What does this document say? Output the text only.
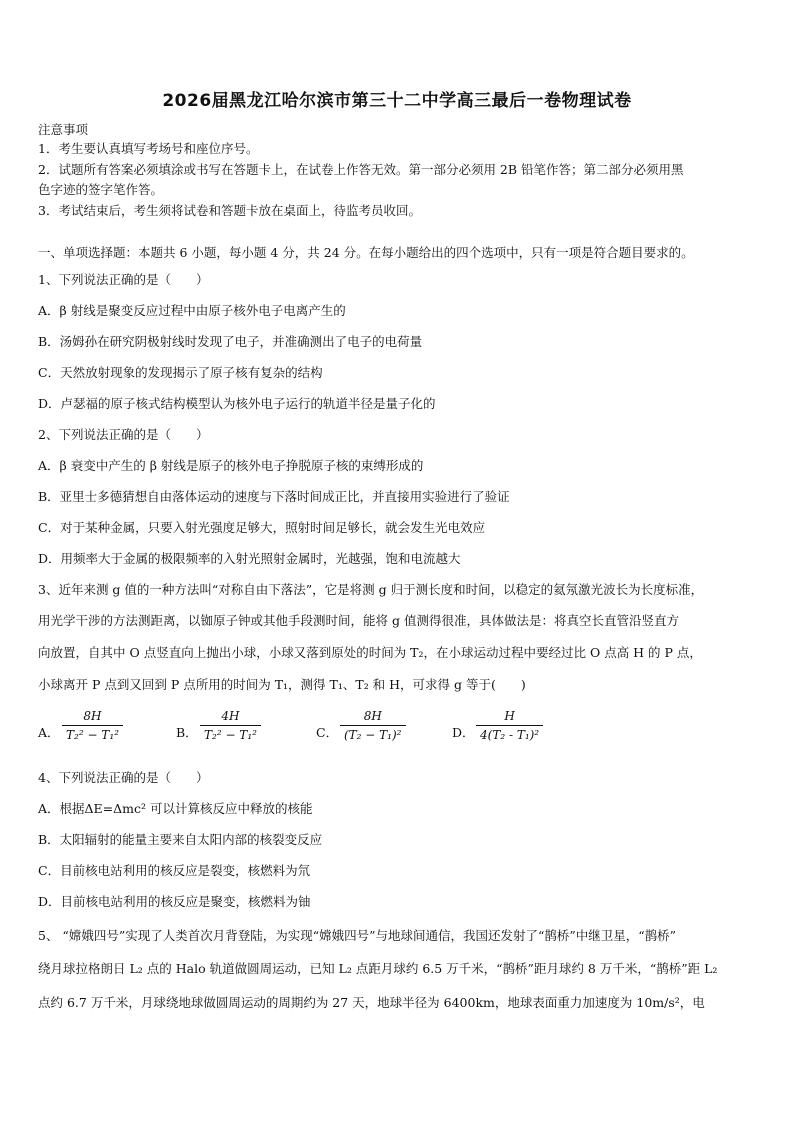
2026届黑龙江哈尔滨市第三十二中学高三最后一卷物理试卷
注意事项
1．考生要认真填写考场号和座位序号。
2．试题所有答案必须填涂或书写在答题卡上，在试卷上作答无效。第一部分必须用 2B 铅笔作答；第二部分必须用黑
色字迹的签字笔作答。
3．考试结束后，考生须将试卷和答题卡放在桌面上，待监考员收回。
一、单项选择题：本题共 6 小题，每小题 4 分，共 24 分。在每小题给出的四个选项中，只有一项是符合题目要求的。
1、下列说法正确的是（　　）
A．β 射线是聚变反应过程中由原子核外电子电离产生的
B．汤姆孙在研究阴极射线时发现了电子，并准确测出了电子的电荷量
C．天然放射现象的发现揭示了原子核有复杂的结构
D．卢瑟福的原子核式结构模型认为核外电子运行的轨道半径是量子化的
2、下列说法正确的是（　　）
A．β 衰变中产生的 β 射线是原子的核外电子挣脱原子核的束缚形成的
B．亚里士多德猜想自由落体运动的速度与下落时间成正比，并直接用实验进行了验证
C．对于某种金属，只要入射光强度足够大，照射时间足够长，就会发生光电效应
D．用频率大于金属的极限频率的入射光照射金属时，光越强，饱和电流越大
3、近年来测 g 值的一种方法叫“对称自由下落法”，它是将测 g 归于测长度和时间，以稳定的氦氖激光波长为长度标准，
用光学干涉的方法测距离，以铷原子钟或其他手段测时间，能将 g 值测得很准，具体做法是：将真空长直管沿竖直方
向放置，自其中 O 点竖直向上抛出小球，小球又落到原处的时间为 T₂，在小球运动过程中要经过比 O 点高 H 的 P 点，
小球离开 P 点到又回到 P 点所用的时间为 T₁，测得 T₁、T₂ 和 H，可求得 g 等于(　　)
A．
8H
T₂² − T₁²	B．
4H
T₂² − T₁²	C．
8H
(T₂ − T₁)²	D．
H
4(T₂ - T₁)²
4、下列说法正确的是（　　）
A．根据ΔE=Δmc² 可以计算核反应中释放的核能
B．太阳辐射的能量主要来自太阳内部的核裂变反应
C．目前核电站利用的核反应是裂变，核燃料为氘
D．目前核电站利用的核反应是聚变，核燃料为铀
5、 “嫦娥四号”实现了人类首次月背登陆，为实现“嫦娥四号”与地球间通信，我国还发射了“鹊桥”中继卫星，“鹊桥”
绕月球拉格朗日 L₂ 点的 Halo 轨道做圆周运动，已知 L₂ 点距月球约 6.5 万千米，“鹊桥”距月球约 8 万千米，“鹊桥”距 L₂
点约 6.7 万千米，月球绕地球做圆周运动的周期约为 27 天，地球半径为 6400km，地球表面重力加速度为 10m/s²，电
